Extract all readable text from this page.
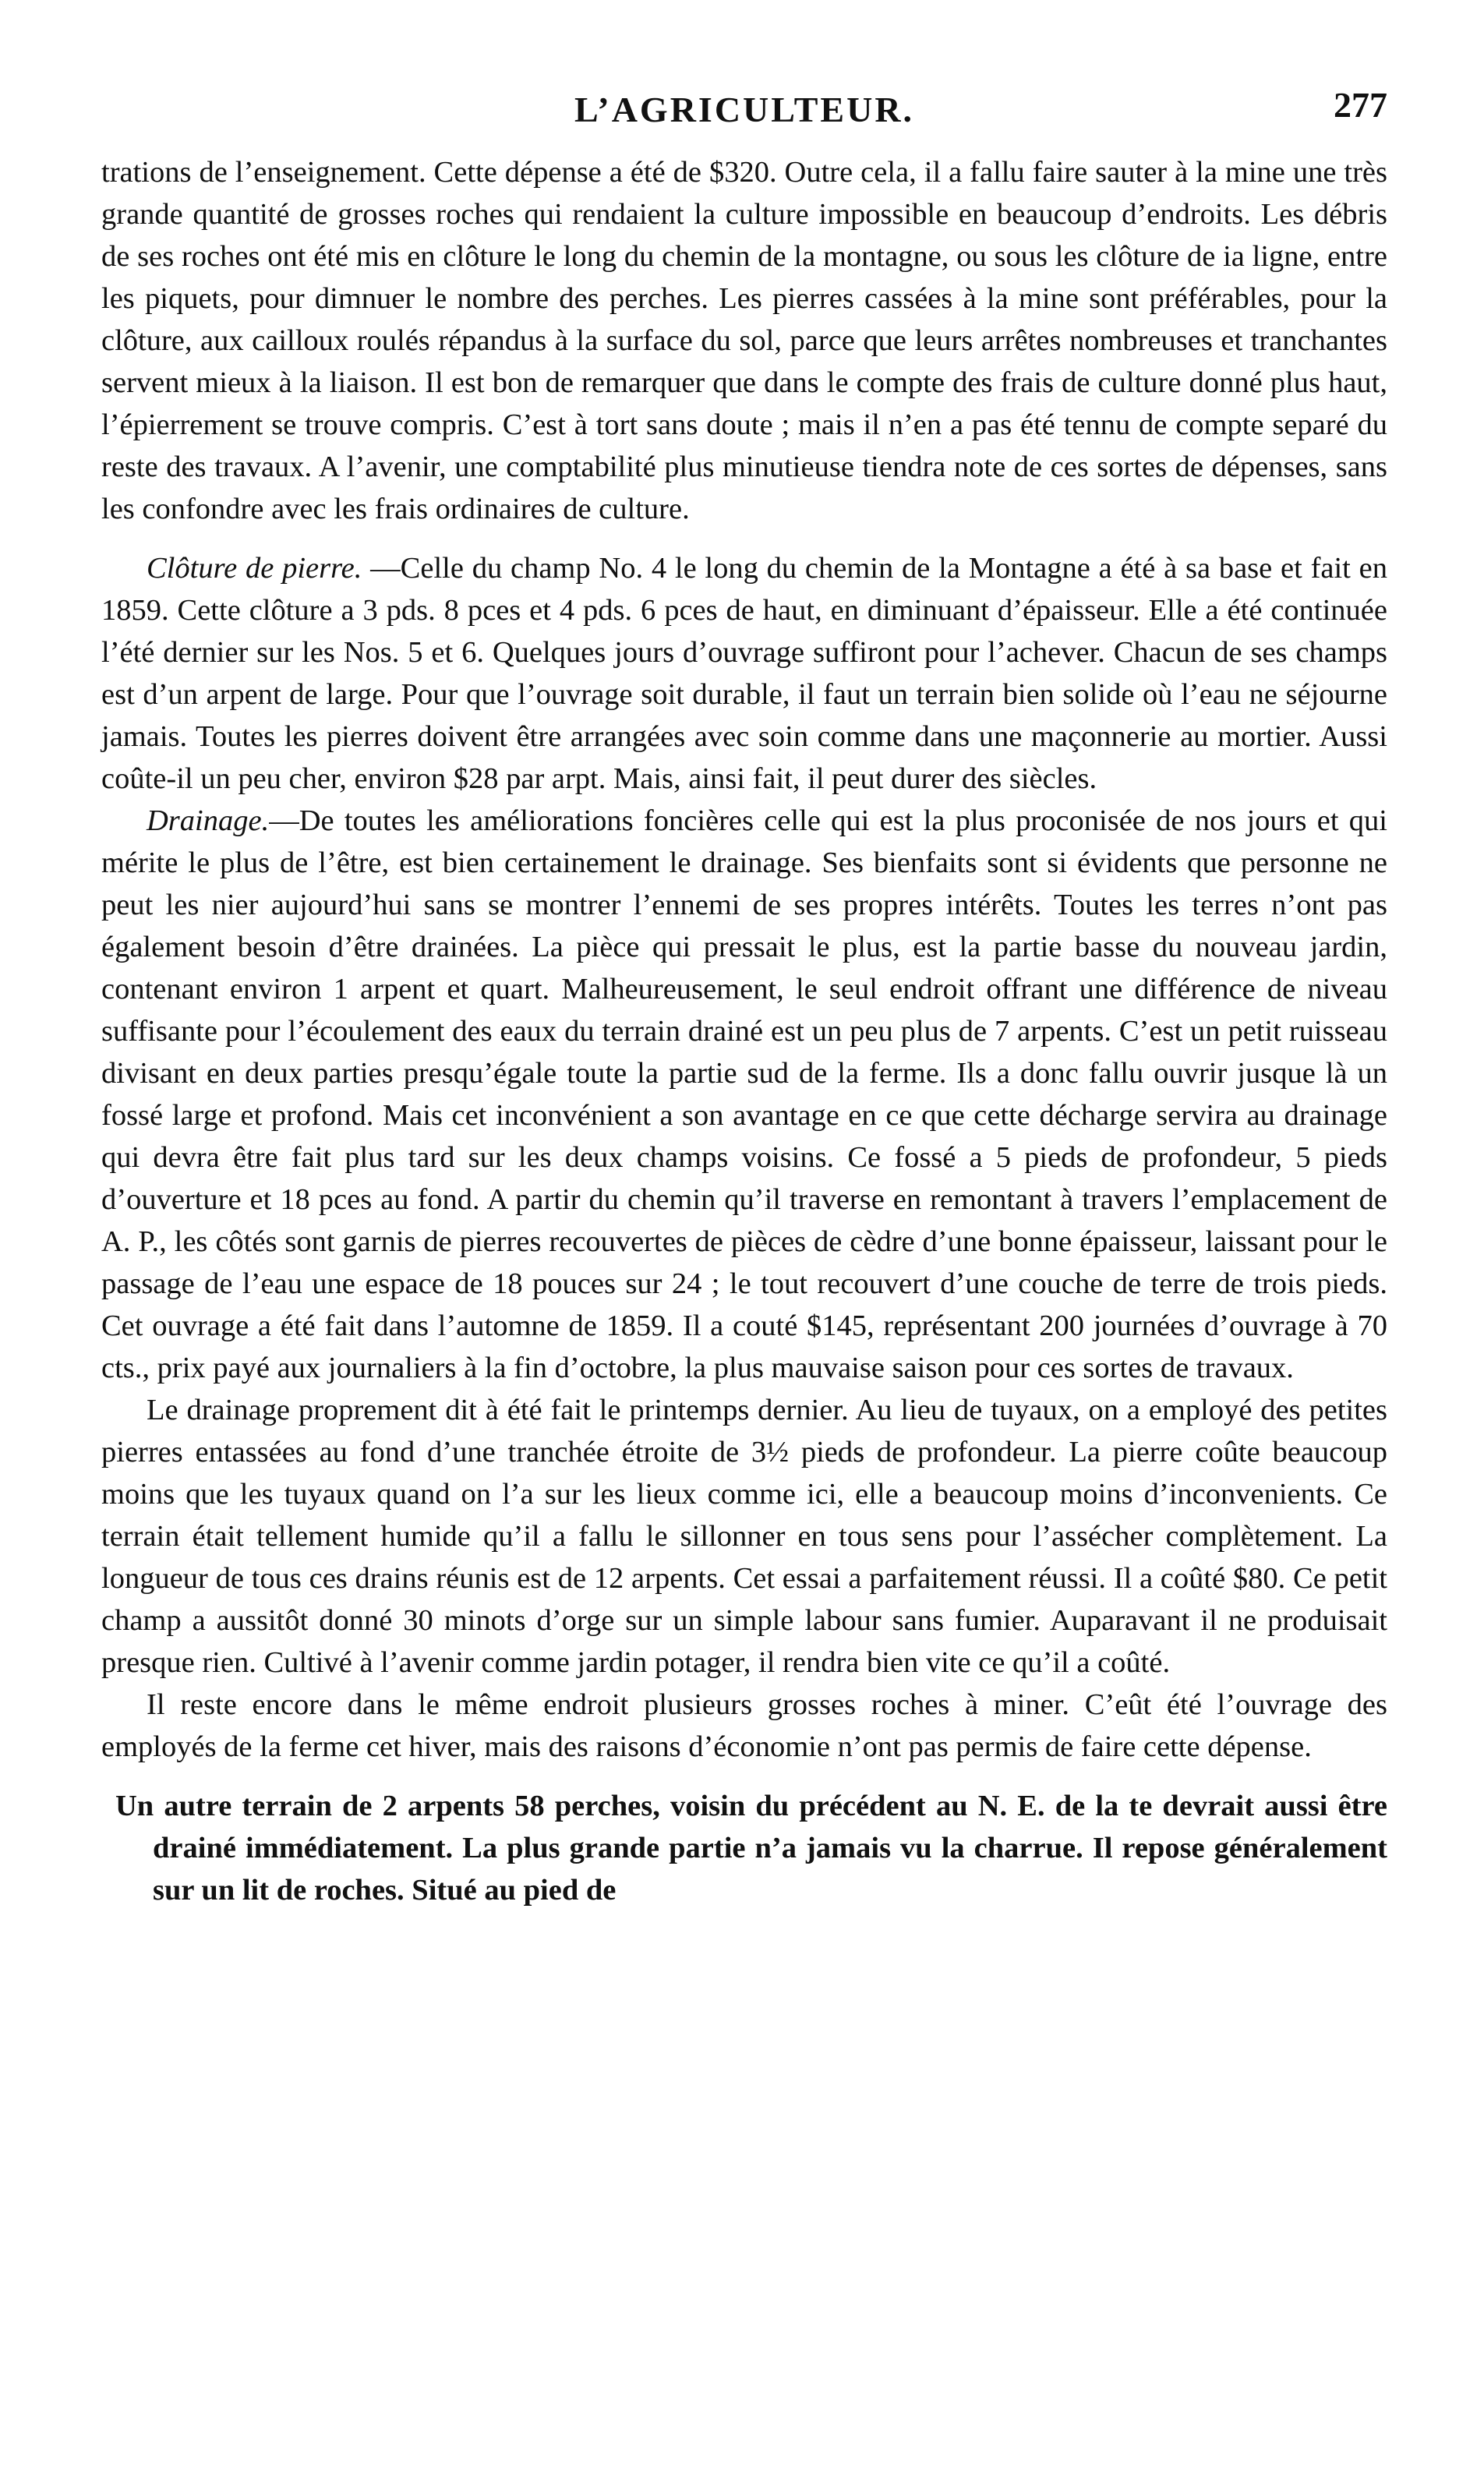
L’AGRICULTEUR.	277

trations de l’enseignement. Cette dépense a été de $320. Outre cela, il a fallu faire sauter à la mine une très grande quantité de grosses roches qui rendaient la culture impossible en beaucoup d’endroits. Les débris de ses roches ont été mis en clôture le long du chemin de la montagne, ou sous les clôture de ia ligne, entre les piquets, pour dimnuer le nombre des perches. Les pierres cassées à la mine sont préférables, pour la clôture, aux cailloux roulés répandus à la surface du sol, parce que leurs arrêtes nombreuses et tranchantes servent mieux à la liaison. Il est bon de remarquer que dans le compte des frais de culture donné plus haut, l’épierrement se trouve compris. C’est à tort sans doute ; mais il n’en a pas été tennu de compte separé du reste des travaux. A l’avenir, une comptabilité plus minutieuse tiendra note de ces sortes de dépenses, sans les confondre avec les frais ordinaires de culture.

Clôture de pierre. —Celle du champ No. 4 le long du chemin de la Montagne a été à sa base et fait en 1859. Cette clôture a 3 pds. 8 pces et 4 pds. 6 pces de haut, en diminuant d’épaisseur. Elle a été continuée l’été dernier sur les Nos. 5 et 6. Quelques jours d’ouvrage suffiront pour l’achever. Chacun de ses champs est d’un arpent de large. Pour que l’ouvrage soit durable, il faut un terrain bien solide où l’eau ne séjourne jamais. Toutes les pierres doivent être arrangées avec soin comme dans une maçonnerie au mortier. Aussi coûte-il un peu cher, environ $28 par arpt. Mais, ainsi fait, il peut durer des siècles.

Drainage.—De toutes les améliorations foncières celle qui est la plus proconisée de nos jours et qui mérite le plus de l’être, est bien certainement le drainage. Ses bienfaits sont si évidents que personne ne peut les nier aujourd’hui sans se montrer l’ennemi de ses propres intérêts. Toutes les terres n’ont pas également besoin d’être drainées. La pièce qui pressait le plus, est la partie basse du nouveau jardin, contenant environ 1 arpent et quart. Malheureusement, le seul endroit offrant une différence de niveau suffisante pour l’écoulement des eaux du terrain drainé est un peu plus de 7 arpents. C’est un petit ruisseau divisant en deux parties presqu’égale toute la partie sud de la ferme. Ils a donc fallu ouvrir jusque là un fossé large et profond. Mais cet inconvénient a son avantage en ce que cette décharge servira au drainage qui devra être fait plus tard sur les deux champs voisins. Ce fossé a 5 pieds de profondeur, 5 pieds d’ouverture et 18 pces au fond. A partir du chemin qu’il traverse en remontant à travers l’emplacement de A. P., les côtés sont garnis de pierres recouvertes de pièces de cèdre d’une bonne épaisseur, laissant pour le passage de l’eau une espace de 18 pouces sur 24 ; le tout recouvert d’une couche de terre de trois pieds. Cet ouvrage a été fait dans l’automne de 1859. Il a couté $145, représentant 200 journées d’ouvrage à 70 cts., prix payé aux journaliers à la fin d’octobre, la plus mauvaise saison pour ces sortes de travaux.

Le drainage proprement dit à été fait le printemps dernier. Au lieu de tuyaux, on a employé des petites pierres entassées au fond d’une tranchée étroite de 3½ pieds de profondeur. La pierre coûte beaucoup moins que les tuyaux quand on l’a sur les lieux comme ici, elle a beaucoup moins d’inconvenients. Ce terrain était tellement humide qu’il a fallu le sillonner en tous sens pour l’assécher complètement. La longueur de tous ces drains réunis est de 12 arpents. Cet essai a parfaitement réussi. Il a coûté $80. Ce petit champ a aussitôt donné 30 minots d’orge sur un simple labour sans fumier. Auparavant il ne produisait presque rien. Cultivé à l’avenir comme jardin potager, il rendra bien vite ce qu’il a coûté.

Il reste encore dans le même endroit plusieurs grosses roches à miner. C’eût été l’ouvrage des employés de la ferme cet hiver, mais des raisons d’économie n’ont pas permis de faire cette dépense.

Un autre terrain de 2 arpents 58 perches, voisin du précédent au N. E. de la te devrait aussi être drainé immédiatement. La plus grande partie n’a jamais vu la charrue. Il repose généralement sur un lit de roches. Situé au pied de
